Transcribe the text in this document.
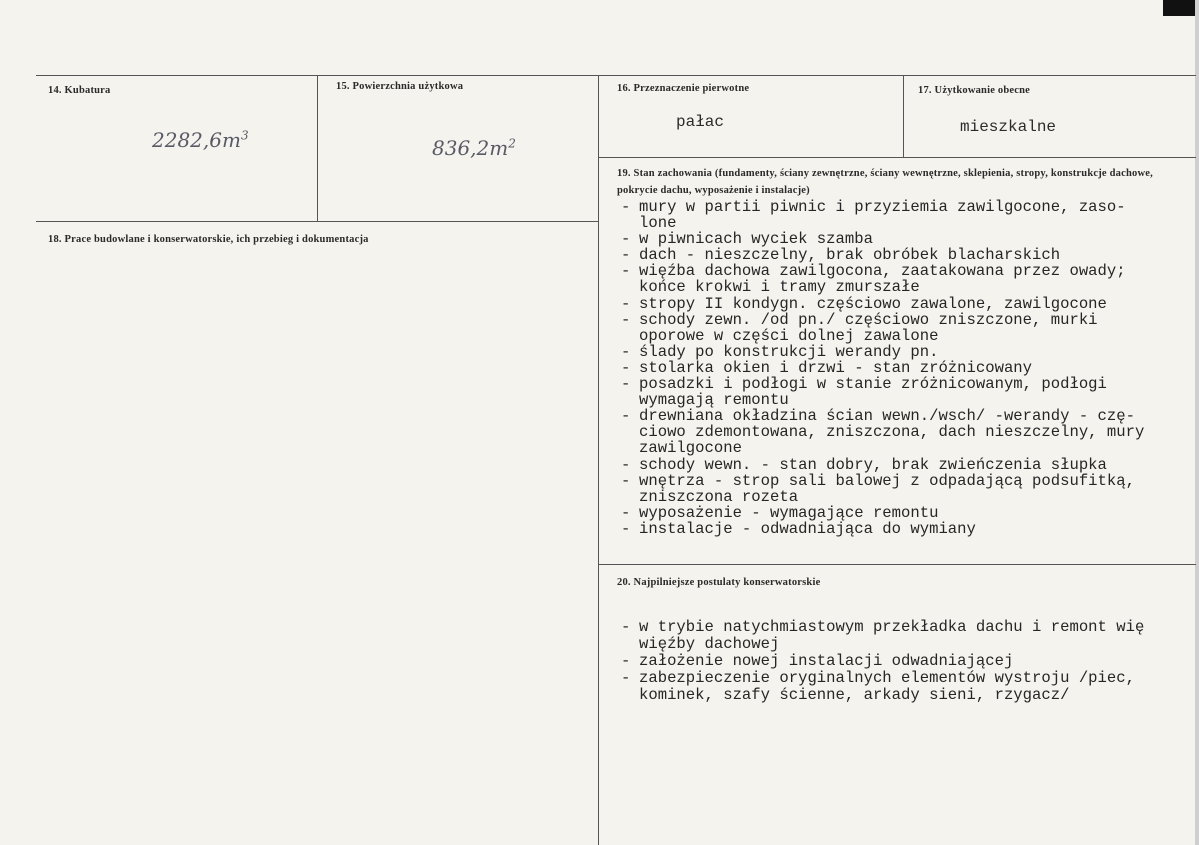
14. Kubatura
$2282,6m^3$
15. Powierzchnia użytkowa
$836,2m^2$
16. Przeznaczenie pierwotne
pałac
17. Użytkowanie obecne
mieszkalne
18. Prace budowlane i konserwatorskie, ich przebieg i dokumentacja
19. Stan zachowania (fundamenty, ściany zewnętrzne, ściany wewnętrzne, sklepienia, stropy, konstrukcje dachowe, pokrycie dachu, wyposażenie i instalacje)
- mury w partii piwnic i przyziemia zawilgocone, zaso-
lone
- w piwnicach wyciek szamba
- dach - nieszczelny, brak obróbek blacharskich
- więźba dachowa zawilgocona, zaatakowana przez owady;
końce krokwi i tramy zmurszałe
- stropy II kondygn. częściowo zawalone, zawilgocone
- schody zewn. /od pn./ częściowo zniszczone, murki
oporowe w części dolnej zawalone
- ślady po konstrukcji werandy pn.
- stolarka okien i drzwi - stan zróżnicowany
- posadzki i podłogi w stanie zróżnicowanym, podłogi
wymagają remontu
- drewniana okładzina ścian wewn./wsch/ -werandy - czę-
ciowo zdemontowana, zniszczona, dach nieszczelny, mury
zawilgocone
- schody wewn. - stan dobry, brak zwieńczenia słupka
- wnętrza - strop sali balowej z odpadającą podsufitką,
zniszczona rozeta
- wyposażenie - wymagające remontu
- instalacje - odwadniająca do wymiany
20. Najpilniejsze postulaty konserwatorskie
- w trybie natychmiastowym przekładka dachu i remont wię
więźby dachowej
- założenie nowej instalacji odwadniającej
- zabezpieczenie oryginalnych elementów wystroju /piec,
kominek, szafy ścienne, arkady sieni, rzygacz/
